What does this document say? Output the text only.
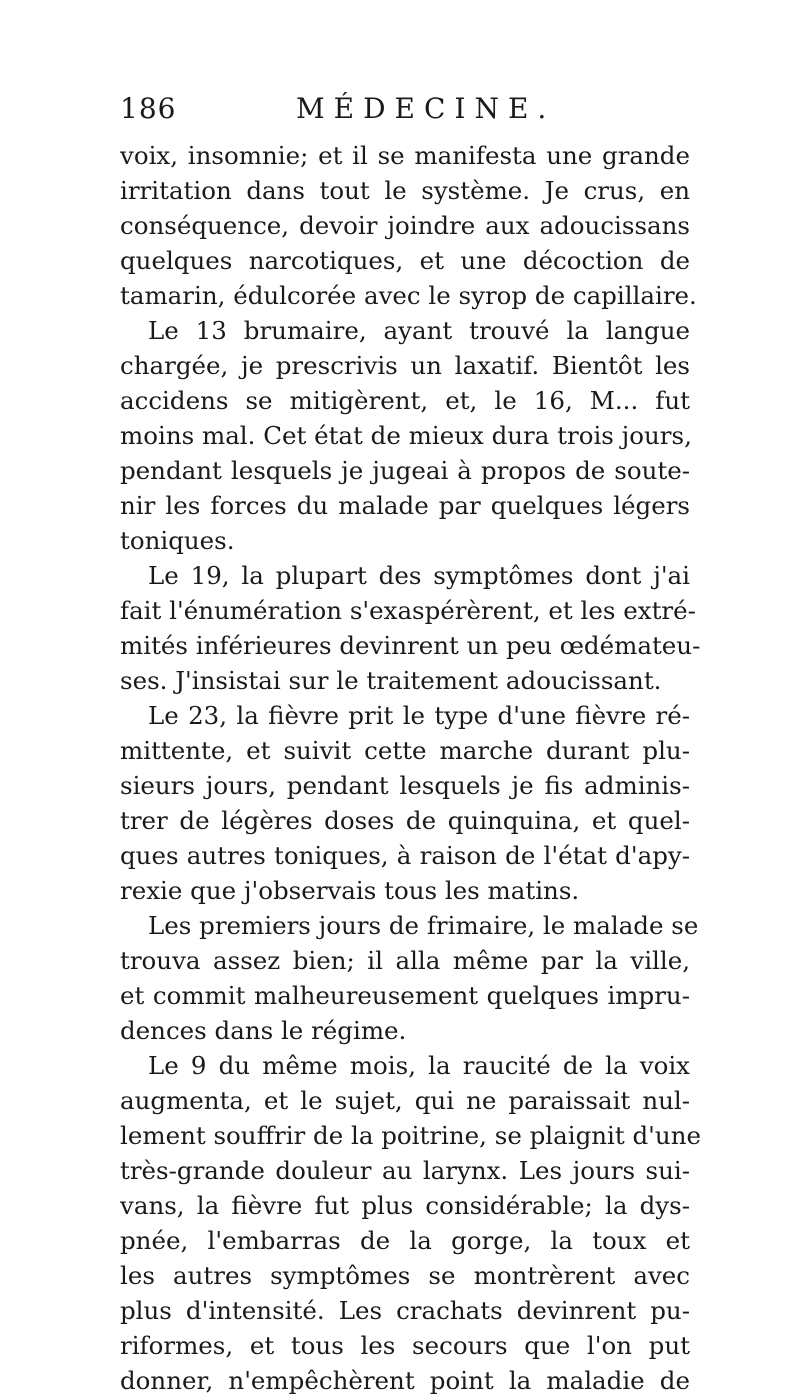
186	MÉDECINE.
voix, insomnie; et il se manifesta une grande
irritation dans tout le système. Je crus, en
conséquence, devoir joindre aux adoucissans
quelques narcotiques, et une décoction de
tamarin, édulcorée avec le syrop de capillaire.
Le 13 brumaire, ayant trouvé la langue
chargée, je prescrivis un laxatif. Bientôt les
accidens se mitigèrent, et, le 16, M... fut
moins mal. Cet état de mieux dura trois jours,
pendant lesquels je jugeai à propos de soute-
nir les forces du malade par quelques légers
toniques.
Le 19, la plupart des symptômes dont j'ai
fait l'énumération s'exaspérèrent, et les extré-
mités inférieures devinrent un peu œdémateu-
ses. J'insistai sur le traitement adoucissant.
Le 23, la fièvre prit le type d'une fièvre ré-
mittente, et suivit cette marche durant plu-
sieurs jours, pendant lesquels je fis adminis-
trer de légères doses de quinquina, et quel-
ques autres toniques, à raison de l'état d'apy-
rexie que j'observais tous les matins.
Les premiers jours de frimaire, le malade se
trouva assez bien; il alla même par la ville,
et commit malheureusement quelques impru-
dences dans le régime.
Le 9 du même mois, la raucité de la voix
augmenta, et le sujet, qui ne paraissait nul-
lement souffrir de la poitrine, se plaignit d'une
très-grande douleur au larynx. Les jours sui-
vans, la fièvre fut plus considérable; la dys-
pnée, l'embarras de la gorge, la toux et
les autres symptômes se montrèrent avec
plus d'intensité. Les crachats devinrent pu-
riformes, et tous les secours que l'on put
donner, n'empêchèrent point la maladie de
